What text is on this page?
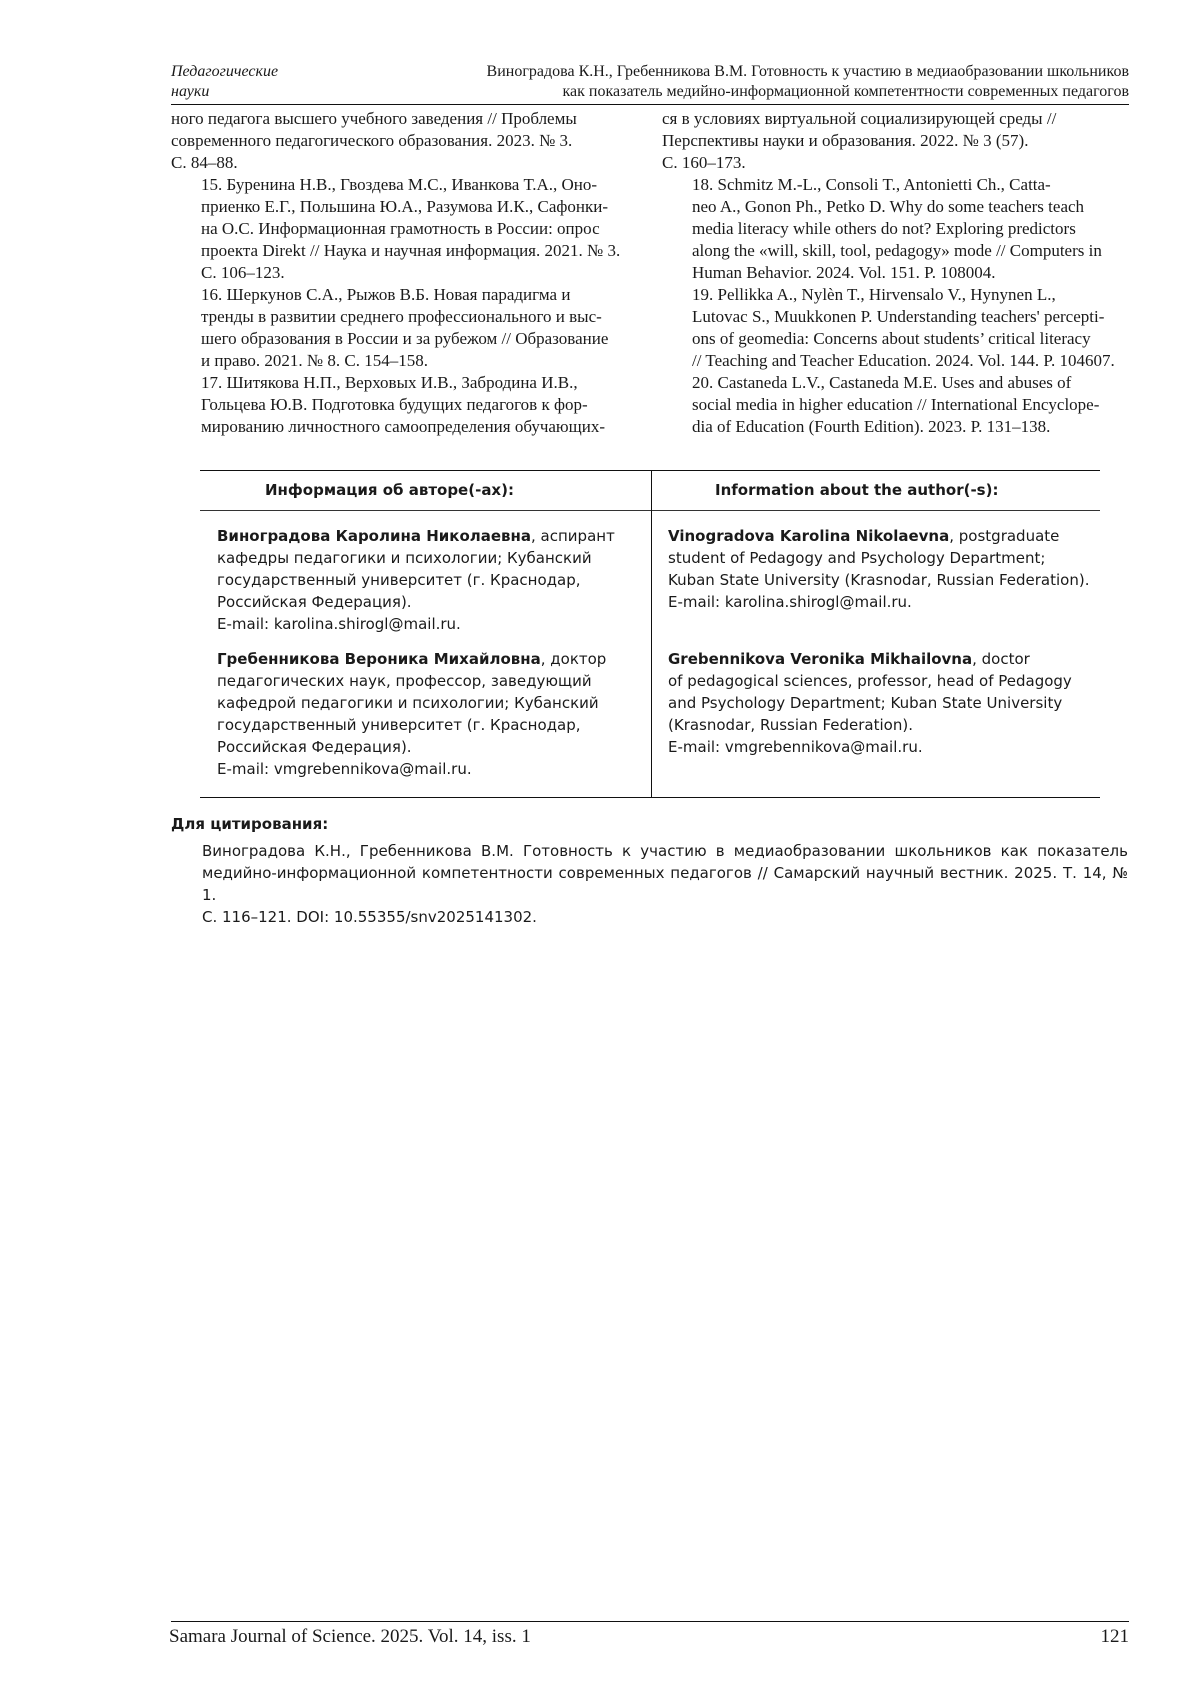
Педагогические
науки
Виноградова К.Н., Гребенникова В.М. Готовность к участию в медиаобразовании школьников
как показатель медийно-информационной компетентности современных педагогов

ного педагога высшего учебного заведения // Проблемы
современного педагогического образования. 2023. № 3.
С. 84–88.

15. Буренина Н.В., Гвоздева М.С., Иванкова Т.А., Оно-
приенко Е.Г., Польшина Ю.А., Разумова И.К., Сафонки-
на О.С. Информационная грамотность в России: опрос
проекта Direkt // Наука и научная информация. 2021. № 3.
С. 106–123.

16. Шеркунов С.А., Рыжов В.Б. Новая парадигма и
тренды в развитии среднего профессионального и выс-
шего образования в России и за рубежом // Образование
и право. 2021. № 8. С. 154–158.

17. Шитякова Н.П., Верховых И.В., Забродина И.В.,
Гольцева Ю.В. Подготовка будущих педагогов к фор-
мированию личностного самоопределения обучающих-

ся в условиях виртуальной социализирующей среды //
Перспективы науки и образования. 2022. № 3 (57).
С. 160–173.

18. Schmitz M.-L., Consoli T., Antonietti Ch., Catta-
neo A., Gonon Ph., Petko D. Why do some teachers teach
media literacy while others do not? Exploring predictors
along the «will, skill, tool, pedagogy» mode // Computers in
Human Behavior. 2024. Vol. 151. P. 108004.

19. Pellikka A., Nylèn T., Hirvensalo V., Hynynen L.,
Lutovac S., Muukkonen P. Understanding teachers' percepti-
ons of geomedia: Concerns about students’ critical literacy
// Teaching and Teacher Education. 2024. Vol. 144. P. 104607.

20. Castaneda L.V., Castaneda M.E. Uses and abuses of
social media in higher education // International Encyclope-
dia of Education (Fourth Edition). 2023. P. 131–138.

Информация об авторе(-ах):	Information about the author(-s):
Виноградова Каролина Николаевна, аспирант
кафедры педагогики и психологии; Кубанский
государственный университет (г. Краснодар,
Российская Федерация).
E-mail: karolina.shirogl@mail.ru.
Vinogradova Karolina Nikolaevna, postgraduate
student of Pedagogy and Psychology Department;
Kuban State University (Krasnodar, Russian Federation).
E-mail: karolina.shirogl@mail.ru.
Гребенникова Вероника Михайловна, доктор
педагогических наук, профессор, заведующий
кафедрой педагогики и психологии; Кубанский
государственный университет (г. Краснодар,
Российская Федерация).
E-mail: vmgrebennikova@mail.ru.
Grebennikova Veronika Mikhailovna, doctor
of pedagogical sciences, professor, head of Pedagogy
and Psychology Department; Kuban State University
(Krasnodar, Russian Federation).
E-mail: vmgrebennikova@mail.ru.
Для цитирования:
Виноградова К.Н., Гребенникова В.М. Готовность к участию в медиаобразовании школьников как показатель
медийно-информационной компетентности современных педагогов // Самарский научный вестник. 2025. Т. 14, № 1.
С. 116–121. DOI: 10.55355/snv2025141302.
Samara Journal of Science. 2025. Vol. 14, iss. 1	121
